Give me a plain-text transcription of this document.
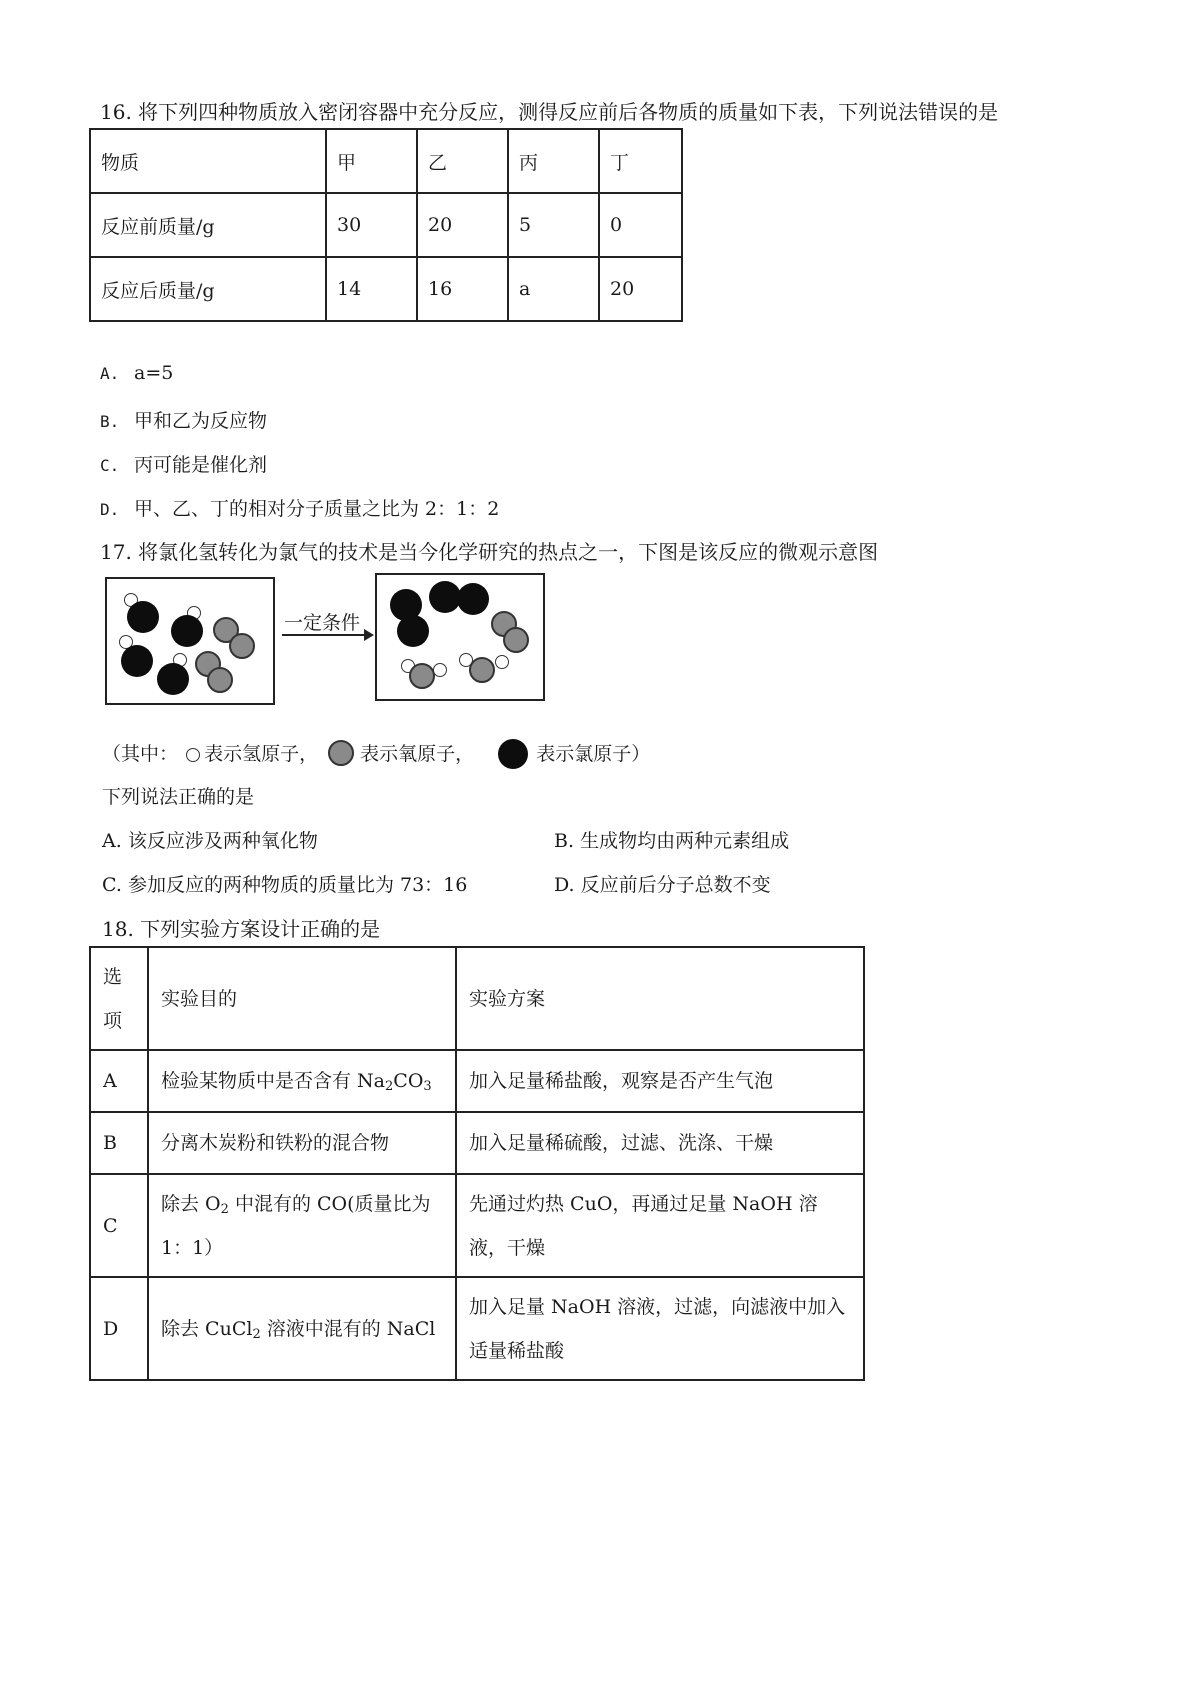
16. 将下列四种物质放入密闭容器中充分反应，测得反应前后各物质的质量如下表，下列说法错误的是
物质	甲	乙	丙	丁
反应前质量/g	30	20	5	0
反应后质量/g	14	16	a	20
A. a=5
B. 甲和乙为反应物
C. 丙可能是催化剂
D. 甲、乙、丁的相对分子质量之比为 2：1：2
17. 将氯化氢转化为氯气的技术是当今化学研究的热点之一，下图是该反应的微观示意图
一定条件
（其中： 表示氢原子， 表示氧原子，	表示氯原子）
下列说法正确的是
A. 该反应涉及两种氧化物	B. 生成物均由两种元素组成
C. 参加反应的两种物质的质量比为 73：16	D. 反应前后分子总数不变
18. 下列实验方案设计正确的是
选项	实验目的	实验方案
A	检验某物质中是否含有 $Na_2CO_3$	加入足量稀盐酸，观察是否产生气泡
B	分离木炭粉和铁粉的混合物	加入足量稀硫酸，过滤、洗涤、干燥
C	除去 $O_2$ 中混有的 CO(质量比为 1：1）	先通过灼热 CuO，再通过足量 NaOH 溶液，干燥
D	除去 CuCl$_2$ 溶液中混有的 NaCl	加入足量 NaOH 溶液，过滤，向滤液中加入适量稀盐酸
